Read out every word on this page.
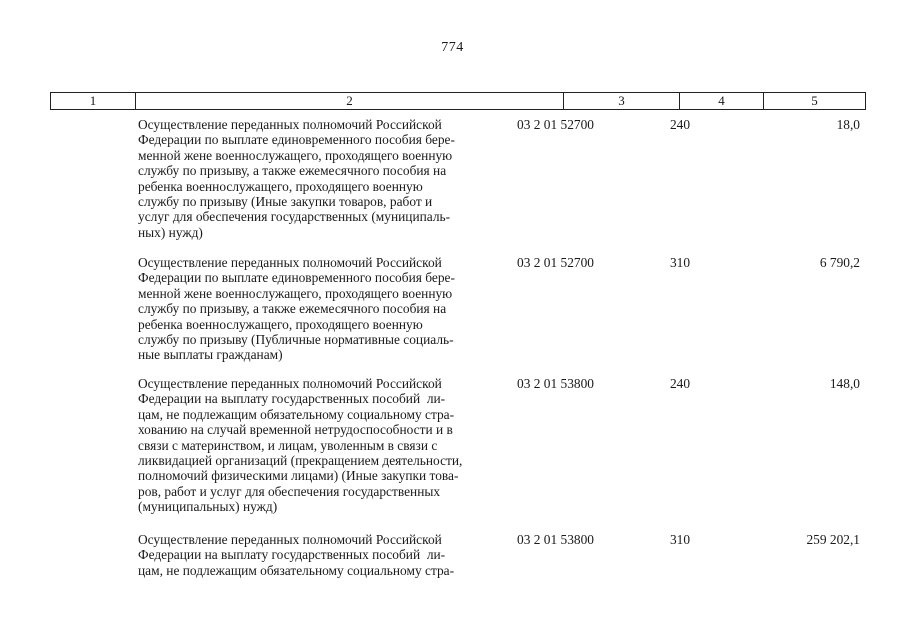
774
1	2	3	4	5
Осуществление переданных полномочий Российской
Федерации по выплате единовременного пособия бере-
менной жене военнослужащего, проходящего военную
службу по призыву, а также ежемесячного пособия на
ребенка военнослужащего, проходящего военную
службу по призыву (Иные закупки товаров, работ и
услуг для обеспечения государственных (муниципаль-
ных) нужд)
03 2 01 52700	240	18,0
Осуществление переданных полномочий Российской
Федерации по выплате единовременного пособия бере-
менной жене военнослужащего, проходящего военную
службу по призыву, а также ежемесячного пособия на
ребенка военнослужащего, проходящего военную
службу по призыву (Публичные нормативные социаль-
ные выплаты гражданам)
03 2 01 52700	310	6 790,2
Осуществление переданных полномочий Российской
Федерации на выплату государственных пособий  ли-
цам, не подлежащим обязательному социальному стра-
хованию на случай временной нетрудоспособности и в
связи с материнством, и лицам, уволенным в связи с
ликвидацией организаций (прекращением деятельности,
полномочий физическими лицами) (Иные закупки това-
ров, работ и услуг для обеспечения государственных
(муниципальных) нужд)
03 2 01 53800	240	148,0
Осуществление переданных полномочий Российской
Федерации на выплату государственных пособий  ли-
цам, не подлежащим обязательному социальному стра-
03 2 01 53800	310	259 202,1
